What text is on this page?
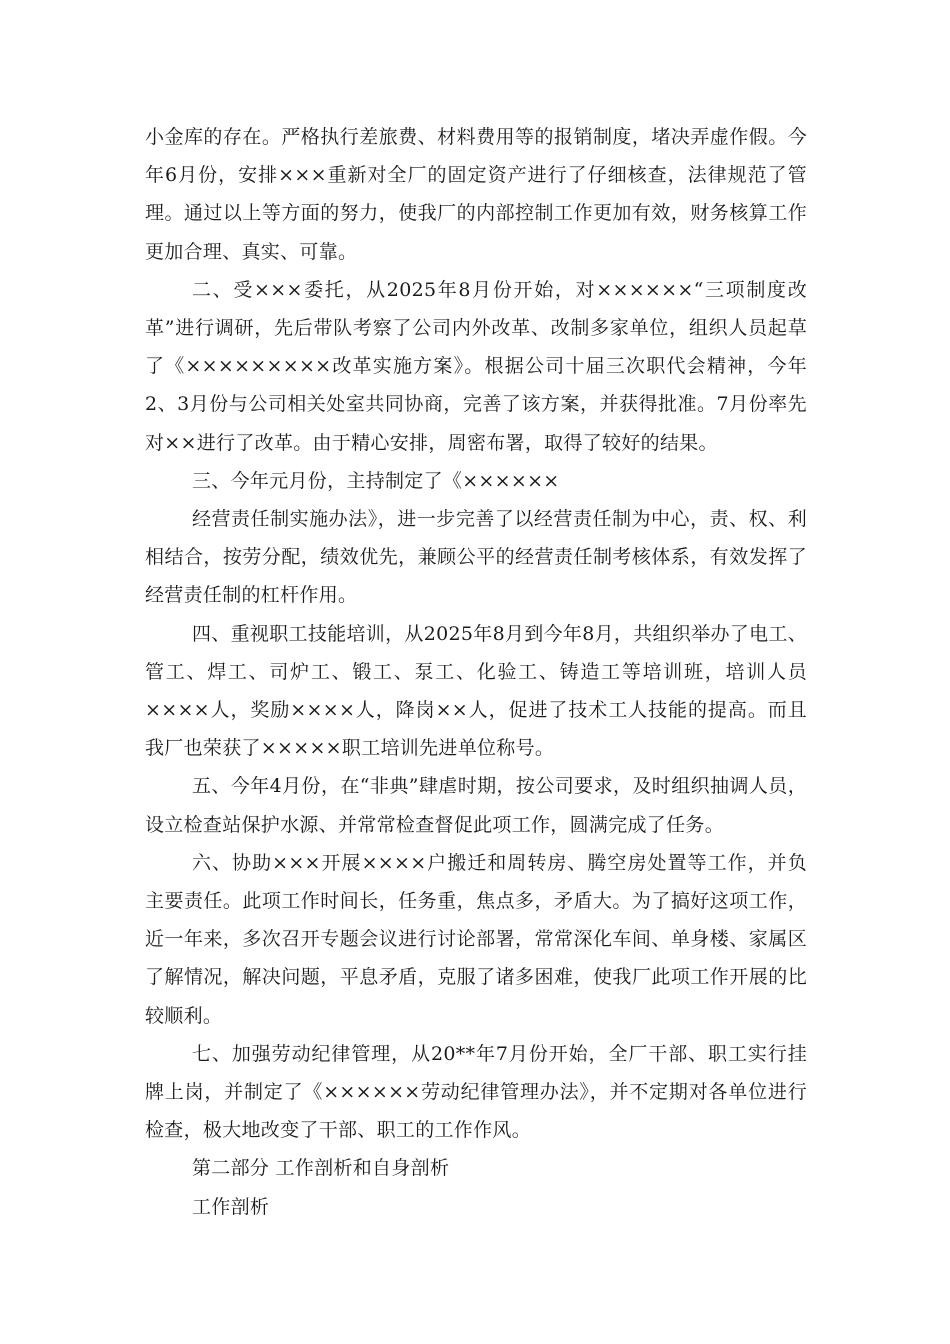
小金库的存在。严格执行差旅费、材料费用等的报销制度，堵决弄虚作假。今年6月份，安排×××重新对全厂的固定资产进行了仔细核查，法律规范了管理。通过以上等方面的努力，使我厂的内部控制工作更加有效，财务核算工作更加合理、真实、可靠。

二、受×××委托，从2025年8月份开始，对××××××“三项制度改革”进行调研，先后带队考察了公司内外改革、改制多家单位，组织人员起草了《×××××××××改革实施方案》。根据公司十届三次职代会精神，今年2、3月份与公司相关处室共同协商，完善了该方案，并获得批准。7月份率先对××进行了改革。由于精心安排，周密布署，取得了较好的结果。

三、今年元月份，主持制定了《××××××

经营责任制实施办法》，进一步完善了以经营责任制为中心，责、权、利相结合，按劳分配，绩效优先，兼顾公平的经营责任制考核体系，有效发挥了经营责任制的杠杆作用。

四、重视职工技能培训，从2025年8月到今年8月，共组织举办了电工、管工、焊工、司炉工、锻工、泵工、化验工、铸造工等培训班，培训人员××××人，奖励××××人，降岗××人，促进了技术工人技能的提高。而且我厂也荣获了×××××职工培训先进单位称号。

五、今年4月份，在“非典”肆虐时期，按公司要求，及时组织抽调人员，设立检查站保护水源、并常常检查督促此项工作，圆满完成了任务。

六、协助×××开展××××户搬迁和周转房、腾空房处置等工作，并负主要责任。此项工作时间长，任务重，焦点多，矛盾大。为了搞好这项工作，近一年来，多次召开专题会议进行讨论部署，常常深化车间、单身楼、家属区了解情况，解决问题，平息矛盾，克服了诸多困难，使我厂此项工作开展的比较顺利。

七、加强劳动纪律管理，从20**年7月份开始，全厂干部、职工实行挂牌上岗，并制定了《××××××劳动纪律管理办法》，并不定期对各单位进行检查，极大地改变了干部、职工的工作作风。

第二部分 工作剖析和自身剖析

工作剖析
